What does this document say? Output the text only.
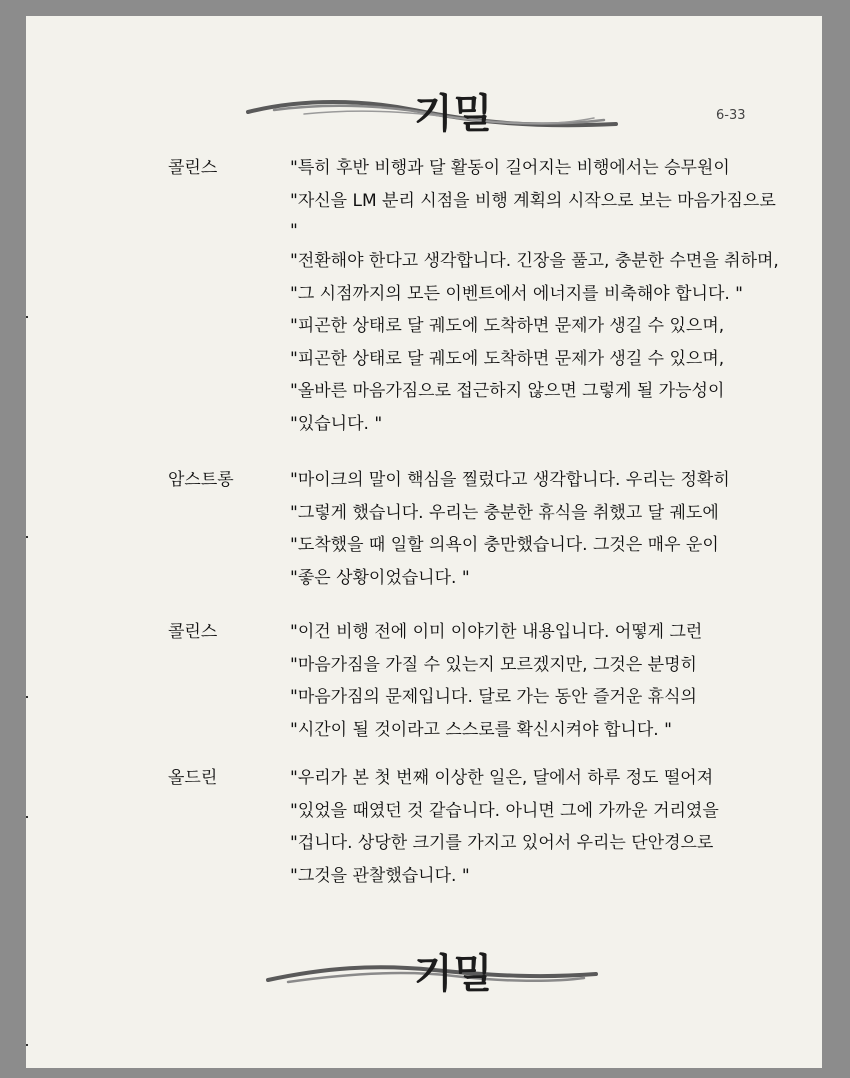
기밀	6-33
콜린스	"특히 후반 비행과 달 활동이 길어지는 비행에서는 승무원이
"자신을 LM 분리 시점을 비행 계획의 시작으로 보는 마음가짐으로
"
"전환해야 한다고 생각합니다. 긴장을 풀고, 충분한 수면을 취하며,
"그 시점까지의 모든 이벤트에서 에너지를 비축해야 합니다. "
"피곤한 상태로 달 궤도에 도착하면 문제가 생길 수 있으며,
"피곤한 상태로 달 궤도에 도착하면 문제가 생길 수 있으며,
"올바른 마음가짐으로 접근하지 않으면 그렇게 될 가능성이
"있습니다. "
암스트롱	"마이크의 말이 핵심을 찔렀다고 생각합니다. 우리는 정확히
"그렇게 했습니다. 우리는 충분한 휴식을 취했고 달 궤도에
"도착했을 때 일할 의욕이 충만했습니다. 그것은 매우 운이
"좋은 상황이었습니다. "
콜린스	"이건 비행 전에 이미 이야기한 내용입니다. 어떻게 그런
"마음가짐을 가질 수 있는지 모르겠지만, 그것은 분명히
"마음가짐의 문제입니다. 달로 가는 동안 즐거운 휴식의
"시간이 될 것이라고 스스로를 확신시켜야 합니다. "
올드린	"우리가 본 첫 번째 이상한 일은, 달에서 하루 정도 떨어져
"있었을 때였던 것 같습니다. 아니면 그에 가까운 거리였을
"겁니다. 상당한 크기를 가지고 있어서 우리는 단안경으로
"그것을 관찰했습니다. "
기밀
